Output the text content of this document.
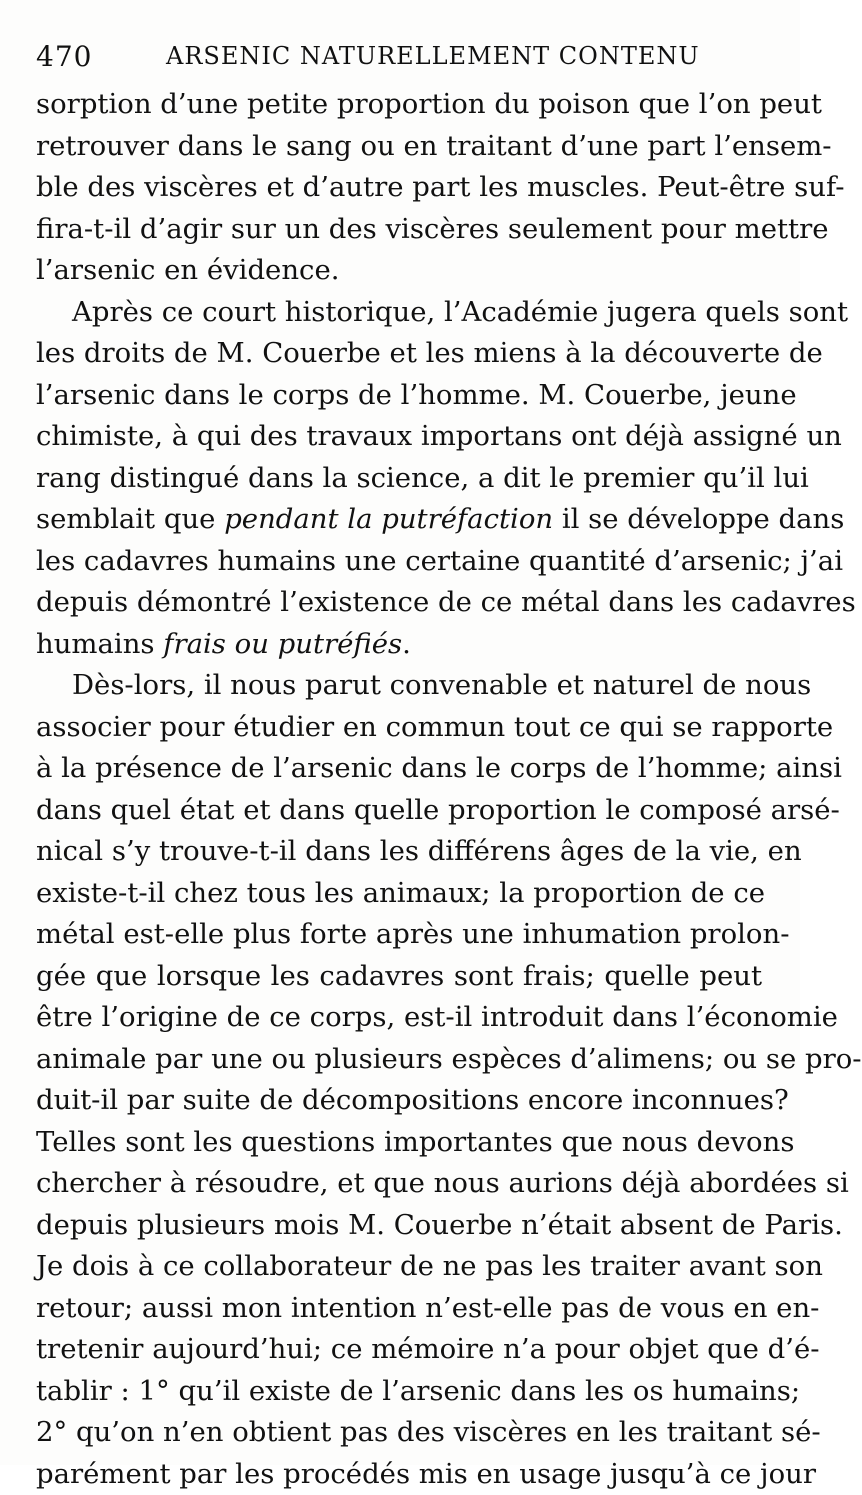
470	ARSENIC NATURELLEMENT CONTENU
sorption d’une petite proportion du poison que l’on peut
retrouver dans le sang ou en traitant d’une part l’ensem-
ble des viscères et d’autre part les muscles. Peut-être suf-
fira-t-il d’agir sur un des viscères seulement pour mettre
l’arsenic en évidence.
Après ce court historique, l’Académie jugera quels sont
les droits de M. Couerbe et les miens à la découverte de
l’arsenic dans le corps de l’homme. M. Couerbe, jeune
chimiste, à qui des travaux importans ont déjà assigné un
rang distingué dans la science, a dit le premier qu’il lui
semblait que pendant la putréfaction il se développe dans
les cadavres humains une certaine quantité d’arsenic; j’ai
depuis démontré l’existence de ce métal dans les cadavres
humains frais ou putréfiés.
Dès-lors, il nous parut convenable et naturel de nous
associer pour étudier en commun tout ce qui se rapporte
à la présence de l’arsenic dans le corps de l’homme; ainsi
dans quel état et dans quelle proportion le composé arsé-
nical s’y trouve-t-il dans les différens âges de la vie, en
existe-t-il chez tous les animaux; la proportion de ce
métal est-elle plus forte après une inhumation prolon-
gée que lorsque les cadavres sont frais; quelle peut
être l’origine de ce corps, est-il introduit dans l’économie
animale par une ou plusieurs espèces d’alimens; ou se pro-
duit-il par suite de décompositions encore inconnues?
Telles sont les questions importantes que nous devons
chercher à résoudre, et que nous aurions déjà abordées si
depuis plusieurs mois M. Couerbe n’était absent de Paris.
Je dois à ce collaborateur de ne pas les traiter avant son
retour; aussi mon intention n’est-elle pas de vous en en-
tretenir aujourd’hui; ce mémoire n’a pour objet que d’é-
tablir : 1° qu’il existe de l’arsenic dans les os humains;
2° qu’on n’en obtient pas des viscères en les traitant sé-
parément par les procédés mis en usage jusqu’à ce jour
